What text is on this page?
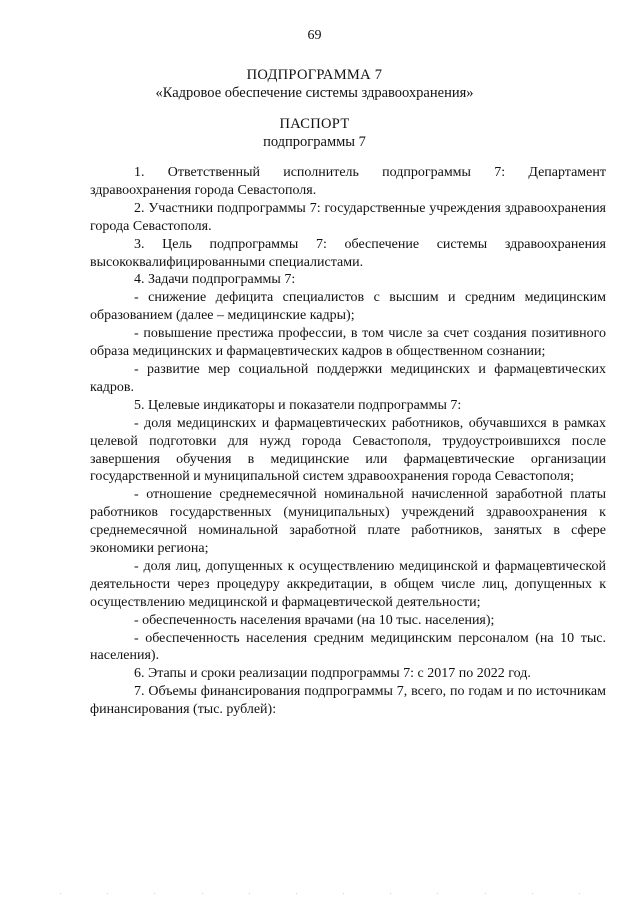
69
ПОДПРОГРАММА 7
«Кадровое обеспечение системы здравоохранения»
ПАСПОРТ
подпрограммы 7

1. Ответственный исполнитель подпрограммы 7: Департамент здравоохранения города Севастополя.

2. Участники подпрограммы 7: государственные учреждения здравоохранения города Севастополя.

3. Цель подпрограммы 7: обеспечение системы здравоохранения высококвалифицированными специалистами.

4. Задачи подпрограммы 7:

- снижение дефицита специалистов с высшим и средним медицинским образованием (далее – медицинские кадры);

- повышение престижа профессии, в том числе за счет создания позитивного образа медицинских и фармацевтических кадров в общественном сознании;

- развитие мер социальной поддержки медицинских и фармацевтических кадров.

5. Целевые индикаторы и показатели подпрограммы 7:

- доля медицинских и фармацевтических работников, обучавшихся в рамках целевой подготовки для нужд города Севастополя, трудоустроившихся после завершения обучения в медицинские или фармацевтические организации государственной и муниципальной систем здравоохранения города Севастополя;

- отношение среднемесячной номинальной начисленной заработной платы работников государственных (муниципальных) учреждений здравоохранения к среднемесячной номинальной заработной плате работников, занятых в сфере экономики региона;

- доля лиц, допущенных к осуществлению медицинской и фармацевтической деятельности через процедуру аккредитации, в общем числе лиц, допущенных к осуществлению медицинской и фармацевтической деятельности;

- обеспеченность населения врачами (на 10 тыс. населения);

- обеспеченность населения средним медицинским персоналом (на 10 тыс. населения).

6. Этапы и сроки реализации подпрограммы 7: с 2017 по 2022 год.

7. Объемы финансирования подпрограммы 7, всего, по годам и по источникам финансирования (тыс. рублей):
